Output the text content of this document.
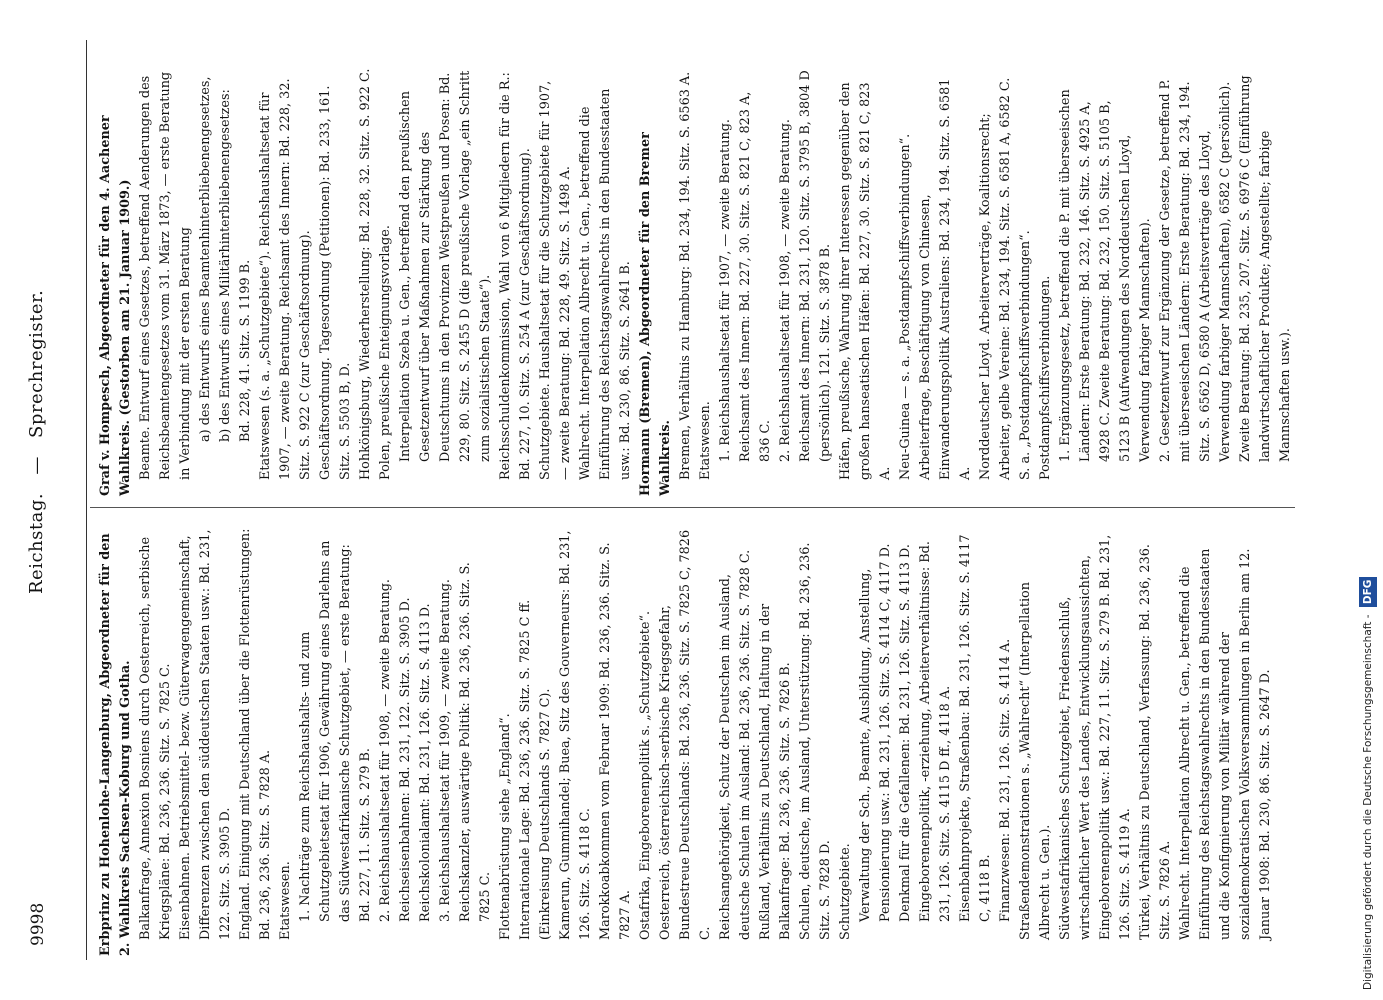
9998
Reichstag. — Sprechregister.

Erbprinz zu Hohenlohe-Langenburg, Abgeordneter für den 2. Wahlkreis Sachsen-Koburg und Gotha. Balkanfrage, Annexion Bosniens durch Oesterreich, serbische Kriegspläne: Bd. 236, 236. Sitz. S. 7825 C. Eisenbahnen. Betriebsmittel- bezw. Güterwagengemeinschaft, Differenzen zwischen den süddeutschen Staaten usw.: Bd. 231, 122. Sitz. S. 3905 D. England. Einigung mit Deutschland über die Flottenrüstungen: Bd. 236, 236. Sitz. S. 7828 A. Etatswesen. 1. Nachträge zum Reichshaushalts- und zum Schutzgebietsetat für 1906, Gewährung eines Darlehns an das Südwestafrikanische Schutzgebiet, — erste Beratung: Bd. 227, 11. Sitz. S. 279 B. 2. Reichshaushaltsetat für 1908, — zweite Beratung. Reichseisenbahnen: Bd. 231, 122. Sitz. S. 3905 D. Reichskolonialamt: Bd. 231, 126. Sitz. S. 4113 D. 3. Reichshaushaltsetat für 1909, — zweite Beratung. Reichskanzler, auswärtige Politik: Bd. 236, 236. Sitz. S. 7825 C. Flottenabrüstung siehe „England“. Internationale Lage: Bd. 236, 236. Sitz. S. 7825 C ff. (Einkreisung Deutschlands S. 7827 C). Kamerun, Gummihandel; Buea, Sitz des Gouverneurs: Bd. 231, 126. Sitz. S. 4118 C. Marokkoabkommen vom Februar 1909: Bd. 236, 236. Sitz. S. 7827 A. Ostafrika, Eingeborenenpolitik s. „Schutzgebiete“. Oesterreich, österreichisch-serbische Kriegsgefahr, Bundestreue Deutschlands: Bd. 236, 236. Sitz. S. 7825 C, 7826 C. Reichsangehörigkeit, Schutz der Deutschen im Ausland, deutsche Schulen im Ausland: Bd. 236, 236. Sitz. S. 7828 C. Rußland, Verhältnis zu Deutschland, Haltung in der Balkanfrage: Bd. 236, 236. Sitz. S. 7826 B. Schulen, deutsche, im Ausland, Unterstützung: Bd. 236, 236. Sitz. S. 7828 D. Schutzgebiete. Verwaltung der Sch., Beamte, Ausbildung, Anstellung, Pensionierung usw.: Bd. 231, 126. Sitz. S. 4114 C, 4117 D. Denkmal für die Gefallenen: Bd. 231, 126. Sitz. S. 4113 D. Eingeborenenpolitik, -erziehung, Arbeiterverhältnisse: Bd. 231, 126. Sitz. S. 4115 D ff., 4118 A. Eisenbahnprojekte, Straßenbau: Bd. 231, 126. Sitz. S. 4117 C, 4118 B. Finanzwesen: Bd. 231, 126. Sitz. S. 4114 A. Straßendemonstrationen s. „Wahlrecht“ (Interpellation Albrecht u. Gen.). Südwestafrikanisches Schutzgebiet, Friedensschluß, wirtschaftlicher Wert des Landes, Entwicklungsaussichten, Eingeborenenpolitik usw.: Bd. 227, 11. Sitz. S. 279 B. Bd. 231, 126. Sitz. S. 4119 A. Türkei, Verhältnis zu Deutschland, Verfassung: Bd. 236, 236. Sitz. S. 7826 A. Wahlrecht. Interpellation Albrecht u. Gen., betreffend die Einführung des Reichstagswahlrechts in den Bundesstaaten und die Konfignierung von Militär während der sozialdemokratischen Volksversammlungen in Berlin am 12. Januar 1908: Bd. 230, 86. Sitz. S. 2647 D.

Graf v. Hompesch, Abgeordneter für den 4. Aachener Wahlkreis. (Gestorben am 21. Januar 1909.) Beamte. Entwurf eines Gesetzes, betreffend Aenderungen des Reichsbeamtengesetzes vom 31. März 1873, — erste Beratung in Verbindung mit der ersten Beratung a) des Entwurfs eines Beamtenhinterbliebenengesetzes, b) des Entwurfs eines Militärhinterbliebenengesetzes: Bd. 228, 41. Sitz. S. 1199 B. Etatswesen (s. a. „Schutzgebiete“). Reichshaushaltsetat für 1907, — zweite Beratung. Reichsamt des Innern: Bd. 228, 32. Sitz. S. 922 C (zur Geschäftsordnung). Geschäftsordnung. Tagesordnung (Petitionen): Bd. 233, 161. Sitz. S. 5503 B, D. Hohkönigsburg, Wiederherstellung: Bd. 228, 32. Sitz. S. 922 C. Polen, preußische Enteignungsvorlage. Interpellation Szeba u. Gen., betreffend den preußischen Gesetzentwurf über Maßnahmen zur Stärkung des Deutschtums in den Provinzen Westpreußen und Posen: Bd. 229, 80. Sitz. S. 2455 D (die preußische Vorlage „ein Schritt zum sozialistischen Staate“). Reichsschuldenkommission, Wahl von 6 Mitgliedern für die R.: Bd. 227, 10. Sitz. S. 254 A (zur Geschäftsordnung). Schutzgebiete. Haushaltsetat für die Schutzgebiete für 1907, — zweite Beratung: Bd. 228, 49. Sitz. S. 1498 A. Wahlrecht. Interpellation Albrecht u. Gen., betreffend die Einführung des Reichstagswahlrechts in den Bundesstaaten usw.: Bd. 230, 86. Sitz. S. 2641 B. Hormann (Bremen), Abgeordneter für den Bremer Wahlkreis. Bremen, Verhältnis zu Hamburg: Bd. 234, 194. Sitz. S. 6563 A. Etatswesen. 1. Reichshaushaltsetat für 1907, — zweite Beratung. Reichsamt des Innern: Bd. 227, 30. Sitz. S. 821 C, 823 A, 836 C. 2. Reichshaushaltsetat für 1908, — zweite Beratung. Reichsamt des Innern: Bd. 231, 120. Sitz. S. 3795 B, 3804 D (persönlich). 121. Sitz. S. 3878 B. Häfen, preußische, Wahrung ihrer Interessen gegenüber den großen hanseatischen Häfen: Bd. 227, 30. Sitz. S. 821 C, 823 A. Neu-Guinea — s. a. „Postdampfschiffsverbindungen“. Arbeiterfrage, Beschäftigung von Chinesen, Einwanderungspolitik Australiens: Bd. 234, 194. Sitz. S. 6581 A. Norddeutscher Lloyd. Arbeiterverträge, Koalitionsrecht; Arbeiter, gelbe Vereine: Bd. 234, 194. Sitz. S. 6581 A, 6582 C. S. a. „Postdampfschiffsverbindungen“. Postdampfschiffsverbindungen. 1. Ergänzungsgesetz, betreffend die P. mit überseeischen Ländern: Erste Beratung: Bd. 232, 146. Sitz. S. 4925 A, 4928 C. Zweite Beratung: Bd. 232, 150. Sitz. S. 5105 B, 5123 B (Aufwendungen des Norddeutschen Lloyd, Verwendung farbiger Mannschaften). 2. Gesetzentwurf zur Ergänzung der Gesetze, betreffend P. mit überseeischen Ländern: Erste Beratung: Bd. 234, 194. Sitz. S. 6562 D, 6580 A (Arbeitsverträge des Lloyd, Verwendung farbiger Mannschaften), 6582 C (persönlich). Zweite Beratung: Bd. 235, 207. Sitz. S. 6976 C (Einführung landwirtschaftlicher Produkte; Angestellte; farbige Mannschaften usw.).

Digitalisierung gefördert durch die Deutsche Forschungsgemeinschaft - DFG
